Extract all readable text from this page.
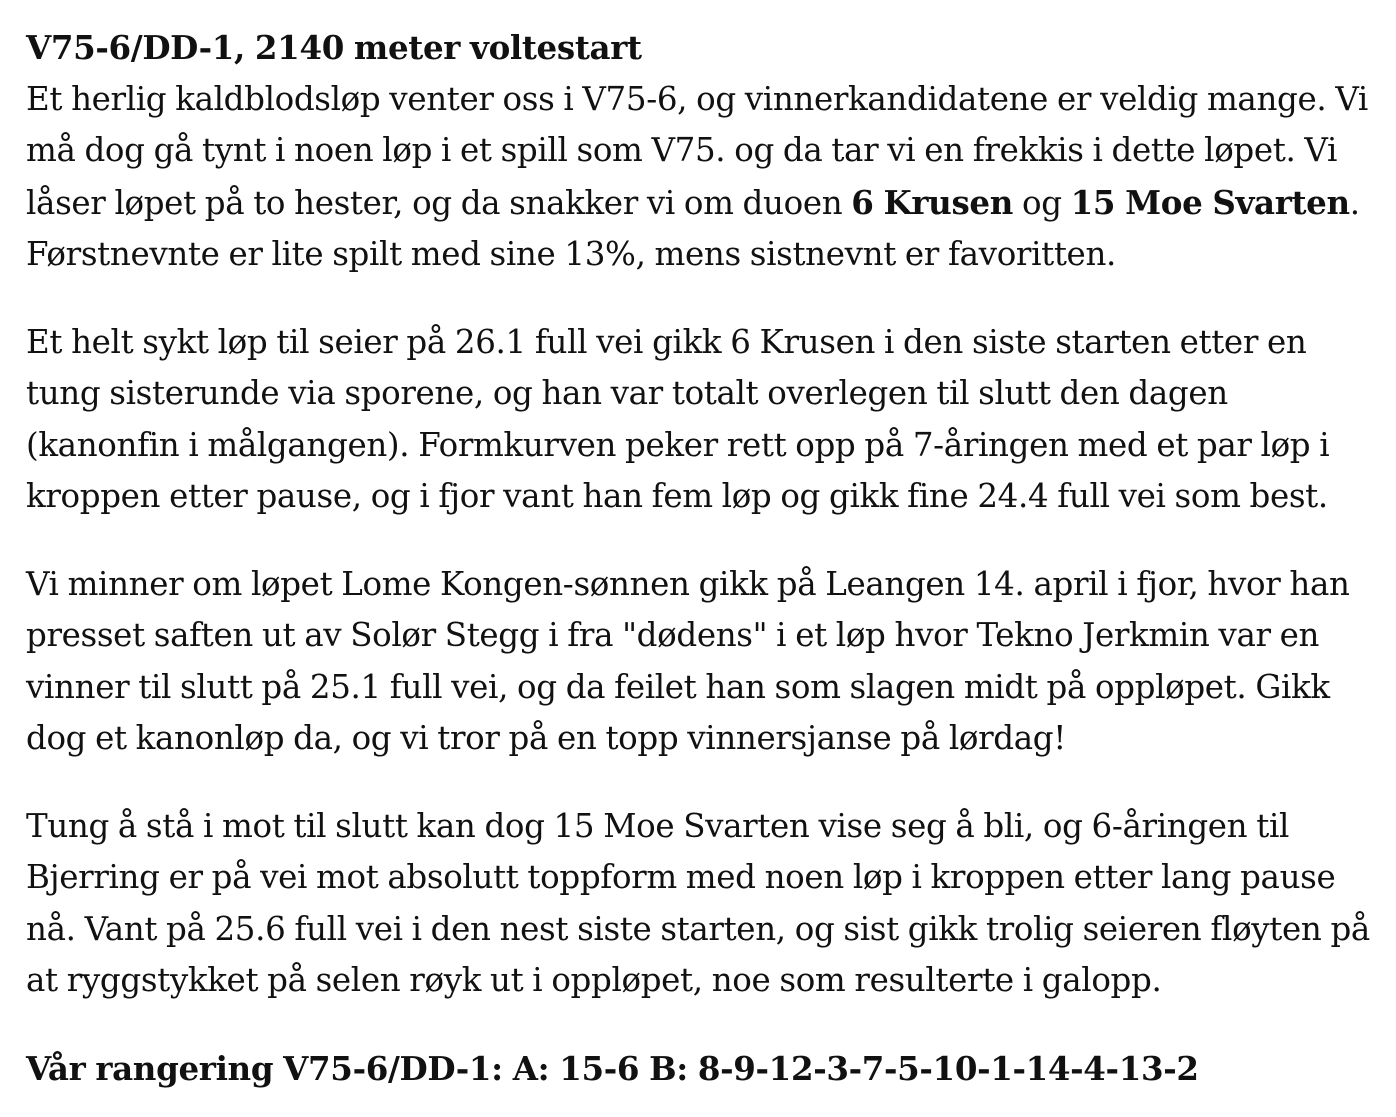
V75-6/DD-1, 2140 meter voltestart
Et herlig kaldblodsløp venter oss i V75-6, og vinnerkandidatene er veldig mange. Vi må dog gå tynt i noen løp i et spill som V75. og da tar vi en frekkis i dette løpet. Vi låser løpet på to hester, og da snakker vi om duoen 6 Krusen og 15 Moe Svarten. Førstnevnte er lite spilt med sine 13%, mens sistnevnt er favoritten.

Et helt sykt løp til seier på 26.1 full vei gikk 6 Krusen i den siste starten etter en tung sisterunde via sporene, og han var totalt overlegen til slutt den dagen (kanonfin i målgangen). Formkurven peker rett opp på 7-åringen med et par løp i kroppen etter pause, og i fjor vant han fem løp og gikk fine 24.4 full vei som best.

Vi minner om løpet Lome Kongen-sønnen gikk på Leangen 14. april i fjor, hvor han presset saften ut av Solør Stegg i fra "dødens" i et løp hvor Tekno Jerkmin var en vinner til slutt på 25.1 full vei, og da feilet han som slagen midt på oppløpet. Gikk dog et kanonløp da, og vi tror på en topp vinnersjanse på lørdag!

Tung å stå i mot til slutt kan dog 15 Moe Svarten vise seg å bli, og 6-åringen til Bjerring er på vei mot absolutt toppform med noen løp i kroppen etter lang pause nå. Vant på 25.6 full vei i den nest siste starten, og sist gikk trolig seieren fløyten på at ryggstykket på selen røyk ut i oppløpet, noe som resulterte i galopp.

Vår rangering V75-6/DD-1: A: 15-6 B: 8-9-12-3-7-5-10-1-14-4-13-2
